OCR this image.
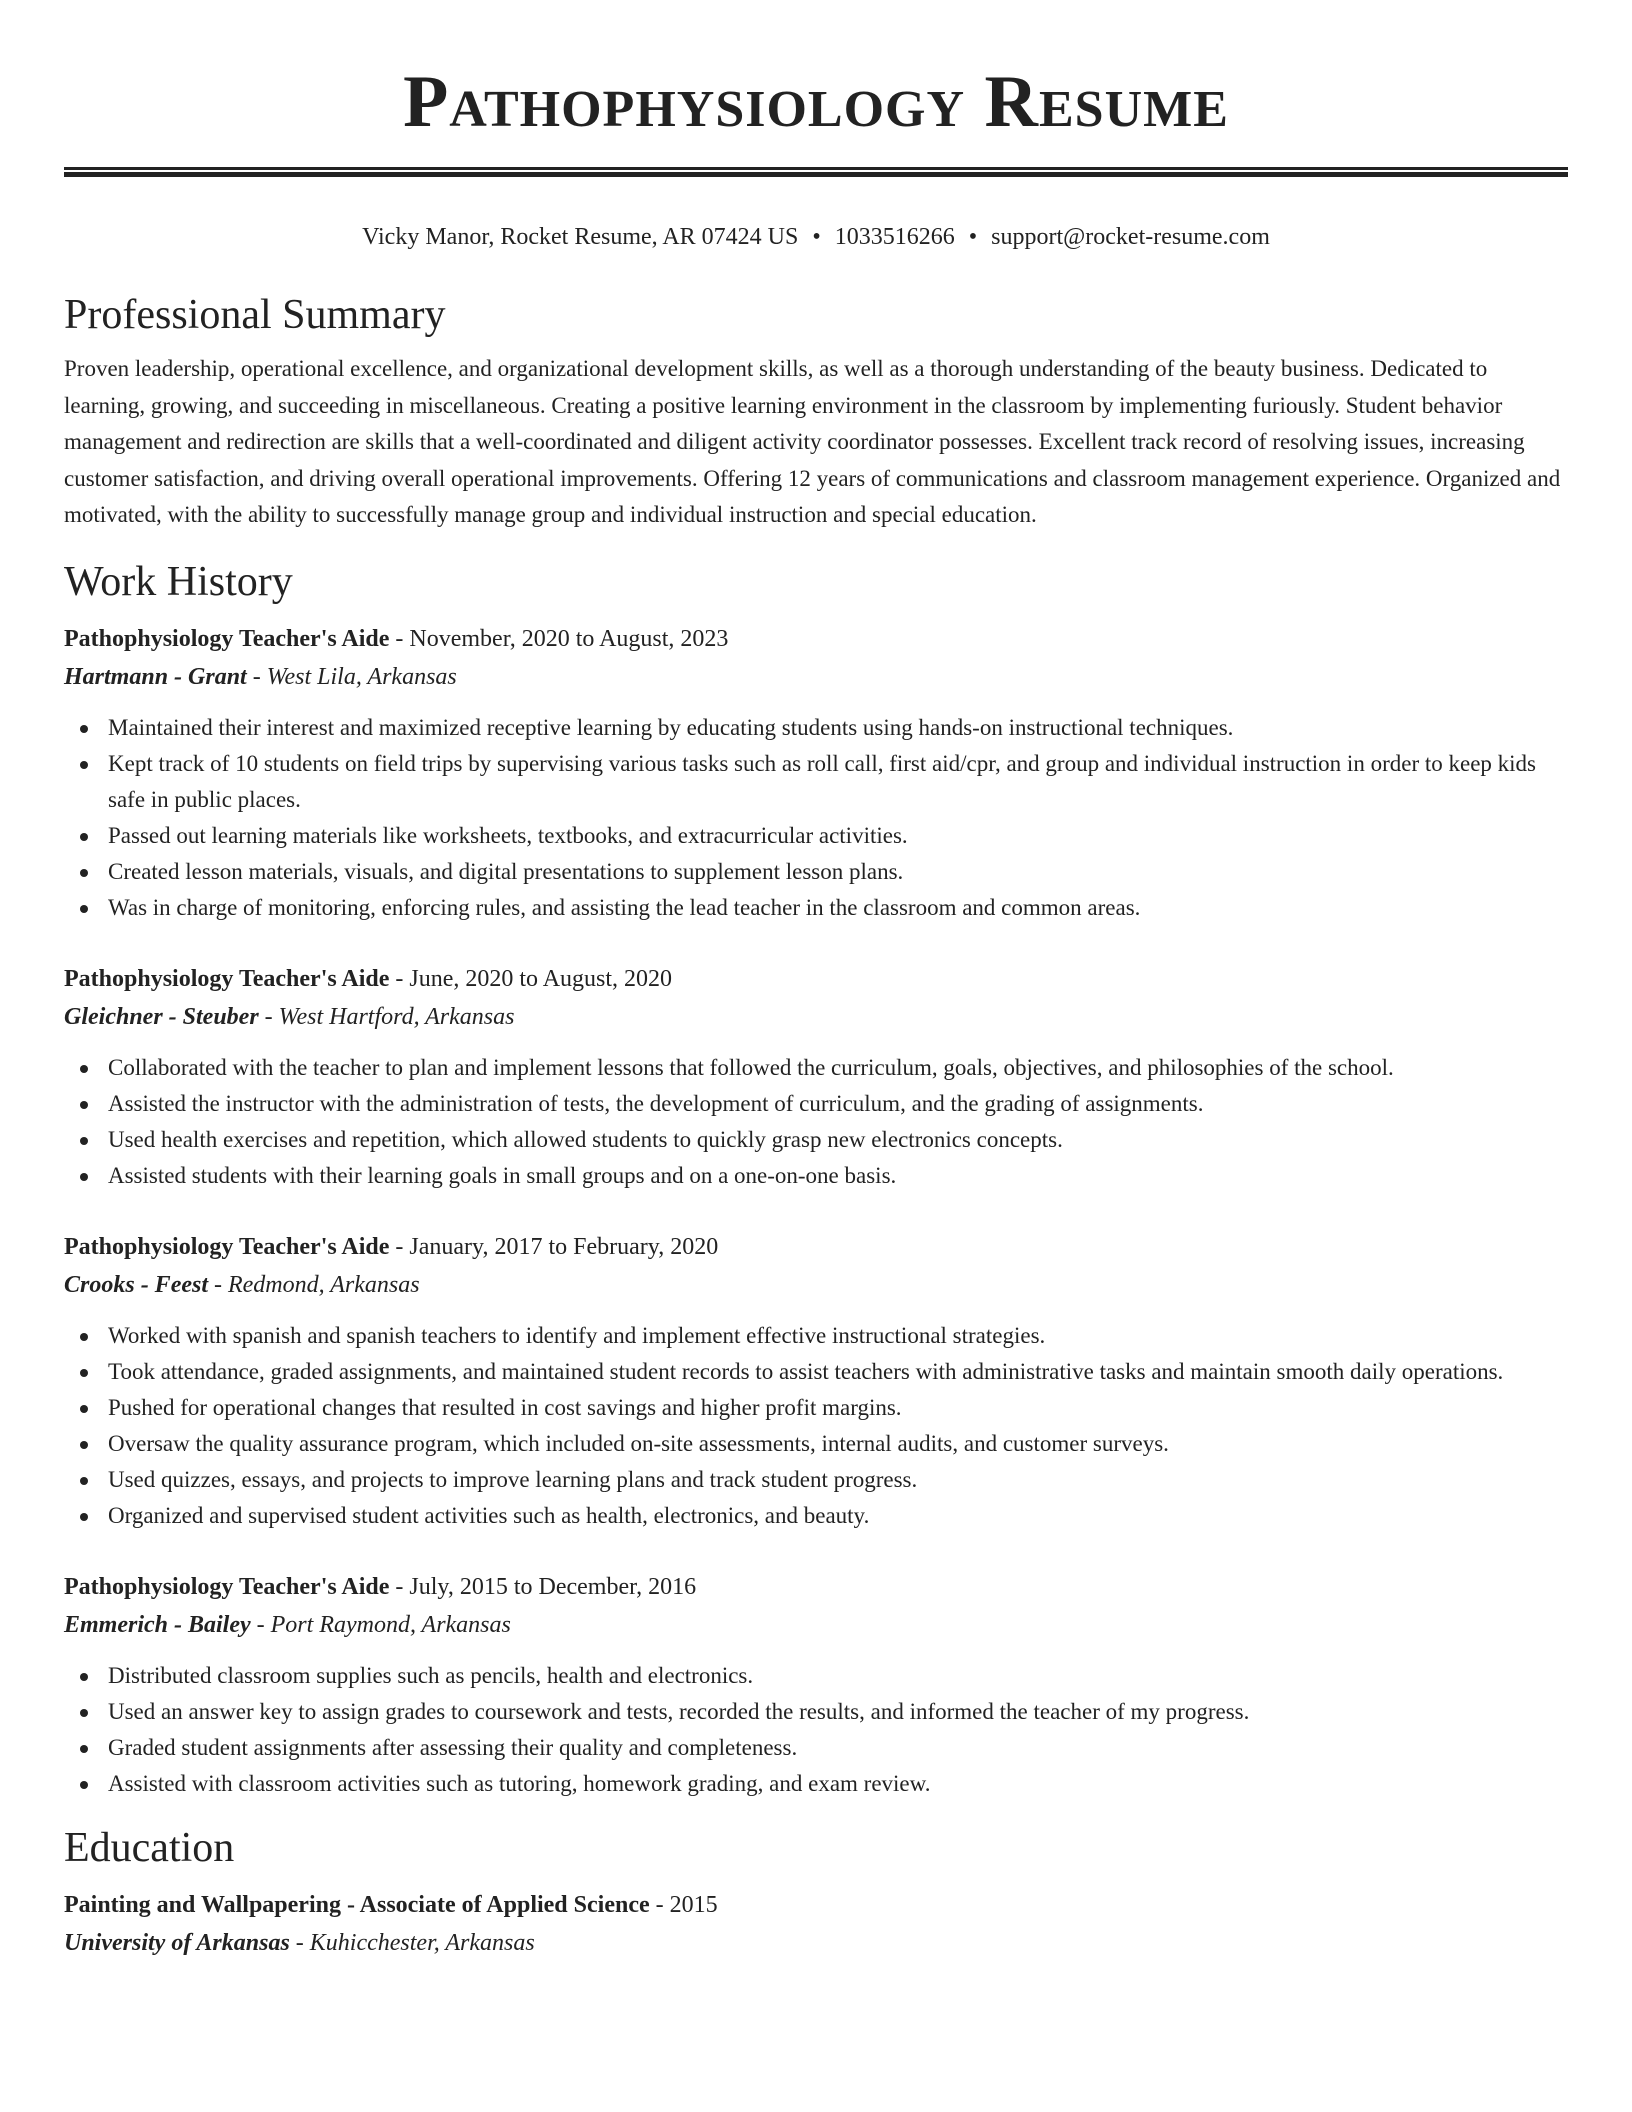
Pathophysiology Resume
Vicky Manor, Rocket Resume, AR 07424 US • 1033516266 • support@rocket-resume.com
Professional Summary

Proven leadership, operational excellence, and organizational development skills, as well as a thorough understanding of the beauty business. Dedicated to learning, growing, and succeeding in miscellaneous. Creating a positive learning environment in the classroom by implementing furiously. Student behavior management and redirection are skills that a well-coordinated and diligent activity coordinator possesses. Excellent track record of resolving issues, increasing customer satisfaction, and driving overall operational improvements. Offering 12 years of communications and classroom management experience. Organized and motivated, with the ability to successfully manage group and individual instruction and special education.

Work History
Pathophysiology Teacher's Aide - November, 2020 to August, 2023
Hartmann - Grant - West Lila, Arkansas
Maintained their interest and maximized receptive learning by educating students using hands-on instructional techniques.
Kept track of 10 students on field trips by supervising various tasks such as roll call, first aid/cpr, and group and individual instruction in order to keep kids safe in public places.
Passed out learning materials like worksheets, textbooks, and extracurricular activities.
Created lesson materials, visuals, and digital presentations to supplement lesson plans.
Was in charge of monitoring, enforcing rules, and assisting the lead teacher in the classroom and common areas.
Pathophysiology Teacher's Aide - June, 2020 to August, 2020
Gleichner - Steuber - West Hartford, Arkansas
Collaborated with the teacher to plan and implement lessons that followed the curriculum, goals, objectives, and philosophies of the school.
Assisted the instructor with the administration of tests, the development of curriculum, and the grading of assignments.
Used health exercises and repetition, which allowed students to quickly grasp new electronics concepts.
Assisted students with their learning goals in small groups and on a one-on-one basis.
Pathophysiology Teacher's Aide - January, 2017 to February, 2020
Crooks - Feest - Redmond, Arkansas
Worked with spanish and spanish teachers to identify and implement effective instructional strategies.
Took attendance, graded assignments, and maintained student records to assist teachers with administrative tasks and maintain smooth daily operations.
Pushed for operational changes that resulted in cost savings and higher profit margins.
Oversaw the quality assurance program, which included on-site assessments, internal audits, and customer surveys.
Used quizzes, essays, and projects to improve learning plans and track student progress.
Organized and supervised student activities such as health, electronics, and beauty.
Pathophysiology Teacher's Aide - July, 2015 to December, 2016
Emmerich - Bailey - Port Raymond, Arkansas
Distributed classroom supplies such as pencils, health and electronics.
Used an answer key to assign grades to coursework and tests, recorded the results, and informed the teacher of my progress.
Graded student assignments after assessing their quality and completeness.
Assisted with classroom activities such as tutoring, homework grading, and exam review.
Education
Painting and Wallpapering - Associate of Applied Science - 2015
University of Arkansas - Kuhicchester, Arkansas
